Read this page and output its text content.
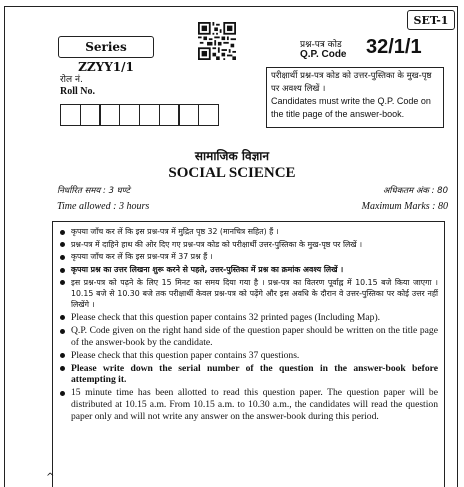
SET-1
Series ZZYY1/1
प्रश्न-पत्र कोड
Q.P. Code 32/1/1
रोल नं.
Roll No.
परीक्षार्थी प्रश्न-पत्र कोड को उत्तर-पुस्तिका के मुख-पृष्ठ पर अवश्य लिखें ।
Candidates must write the Q.P. Code on the title page of the answer-book.
सामाजिक विज्ञान
SOCIAL SCIENCE
निर्धारित समय : 3 घण्टे
Time allowed : 3 hours
अधिकतम अंक : 80
Maximum Marks : 80
कृपया जाँच कर लें कि इस प्रश्न-पत्र में मुद्रित पृष्ठ 32 (मानचित्र सहित) हैं ।
प्रश्न-पत्र में दाहिने हाथ की ओर दिए गए प्रश्न-पत्र कोड को परीक्षार्थी उत्तर-पुस्तिका के मुख-पृष्ठ पर लिखें ।
कृपया जाँच कर लें कि इस प्रश्न-पत्र में 37 प्रश्न हैं ।
कृपया प्रश्न का उत्तर लिखना शुरू करने से पहले, उत्तर-पुस्तिका में प्रश्न का क्रमांक अवश्य लिखें ।
इस प्रश्न-पत्र को पढ़ने के लिए 15 मिनट का समय दिया गया है । प्रश्न-पत्र का वितरण पूर्वाह्न में 10.15 बजे किया जाएगा । 10.15 बजे से 10.30 बजे तक परीक्षार्थी केवल प्रश्न-पत्र को पढ़ेंगे और इस अवधि के दौरान वे उत्तर-पुस्तिका पर कोई उत्तर नहीं लिखेंगे ।
Please check that this question paper contains 32 printed pages (Including Map).
Q.P. Code given on the right hand side of the question paper should be written on the title page of the answer-book by the candidate.
Please check that this question paper contains 37 questions.
Please write down the serial number of the question in the answer-book before attempting it.
15 minute time has been allotted to read this question paper. The question paper will be distributed at 10.15 a.m. From 10.15 a.m. to 10.30 a.m., the candidates will read the question paper only and will not write any answer on the answer-book during this period.
^
